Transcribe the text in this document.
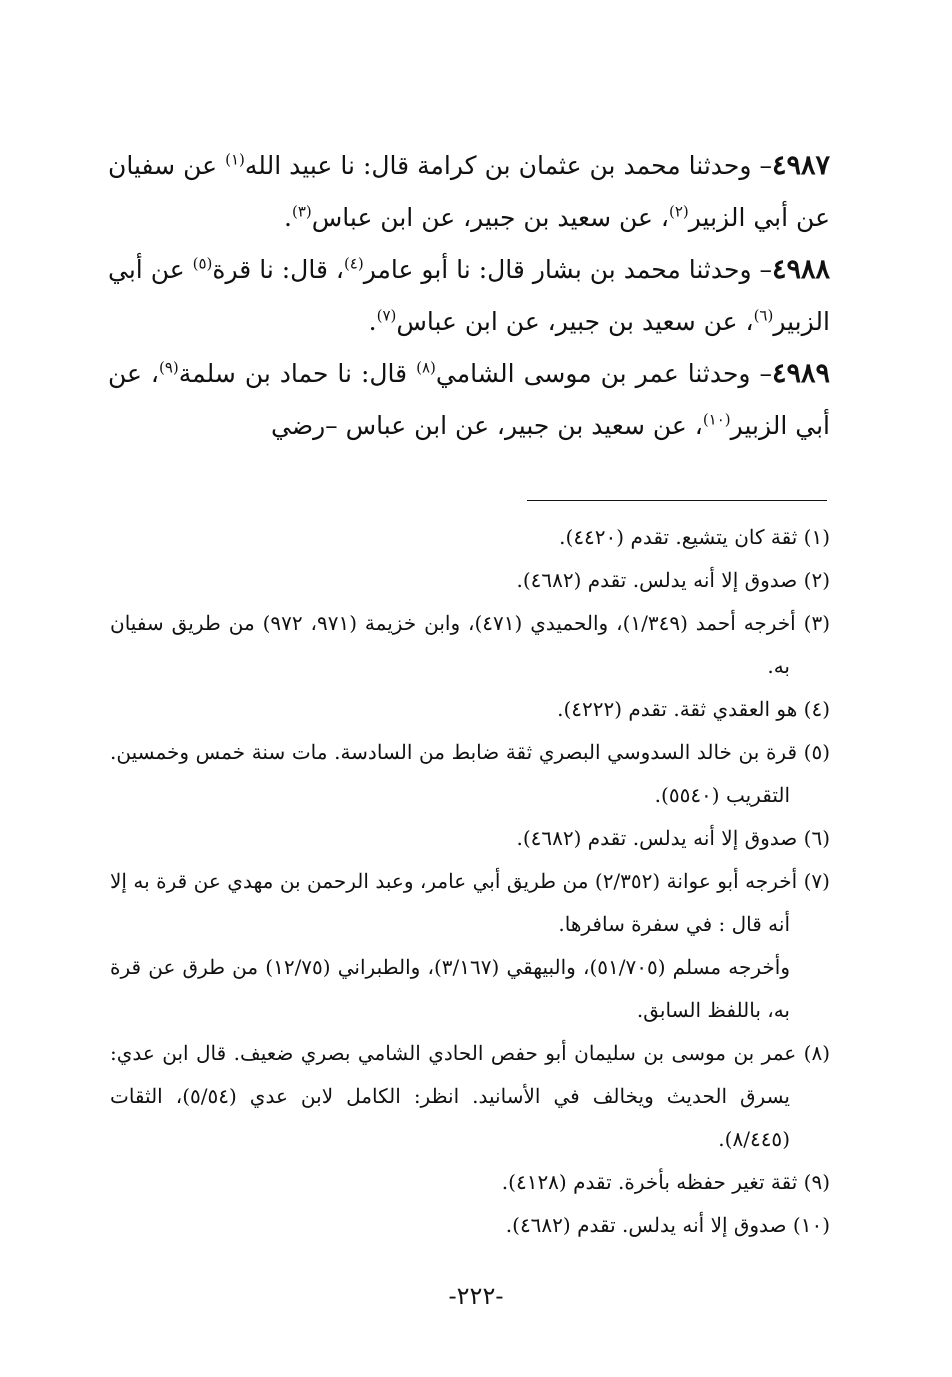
٤٩٨٧– وحدثنا محمد بن عثمان بن كرامة قال: نا عبيد الله$^{(١)}$ عن سفيان عن أبي الزبير$^{(٢)}$، عن سعيد بن جبير، عن ابن عباس$^{(٣)}$.

٤٩٨٨– وحدثنا محمد بن بشار قال: نا أبو عامر$^{(٤)}$، قال: نا قرة$^{(٥)}$ عن أبي الزبير$^{(٦)}$، عن سعيد بن جبير، عن ابن عباس$^{(٧)}$.

٤٩٨٩– وحدثنا عمر بن موسى الشامي$^{(٨)}$ قال: نا حماد بن سلمة$^{(٩)}$، عن أبي الزبير$^{(١٠)}$، عن سعيد بن جبير، عن ابن عباس –رضي

(١) ثقة كان يتشيع. تقدم (٤٤٢٠).

(٢) صدوق إلا أنه يدلس. تقدم (٤٦٨٢).

(٣) أخرجه أحمد (١/٣٤٩)، والحميدي (٤٧١)، وابن خزيمة (٩٧١، ٩٧٢) من طريق سفيان به.

(٤) هو العقدي ثقة. تقدم (٤٢٢٢).

(٥) قرة بن خالد السدوسي البصري ثقة ضابط من السادسة. مات سنة خمس وخمسين. التقريب (٥٥٤٠).

(٦) صدوق إلا أنه يدلس. تقدم (٤٦٨٢).

(٧) أخرجه أبو عوانة (٢/٣٥٢) من طريق أبي عامر، وعبد الرحمن بن مهدي عن قرة به إلا أنه قال : في سفرة سافرها.

وأخرجه مسلم (٥١/٧٠٥)، والبيهقي (٣/١٦٧)، والطبراني (١٢/٧٥) من طرق عن قرة به، باللفظ السابق.

(٨) عمر بن موسى بن سليمان أبو حفص الحادي الشامي بصري ضعيف. قال ابن عدي: يسرق الحديث ويخالف في الأسانيد. انظر: الكامل لابن عدي (٥/٥٤)، الثقات (٨/٤٤٥).

(٩) ثقة تغير حفظه بأخرة. تقدم (٤١٢٨).

(١٠) صدوق إلا أنه يدلس. تقدم (٤٦٨٢).

-٢٢٢-
